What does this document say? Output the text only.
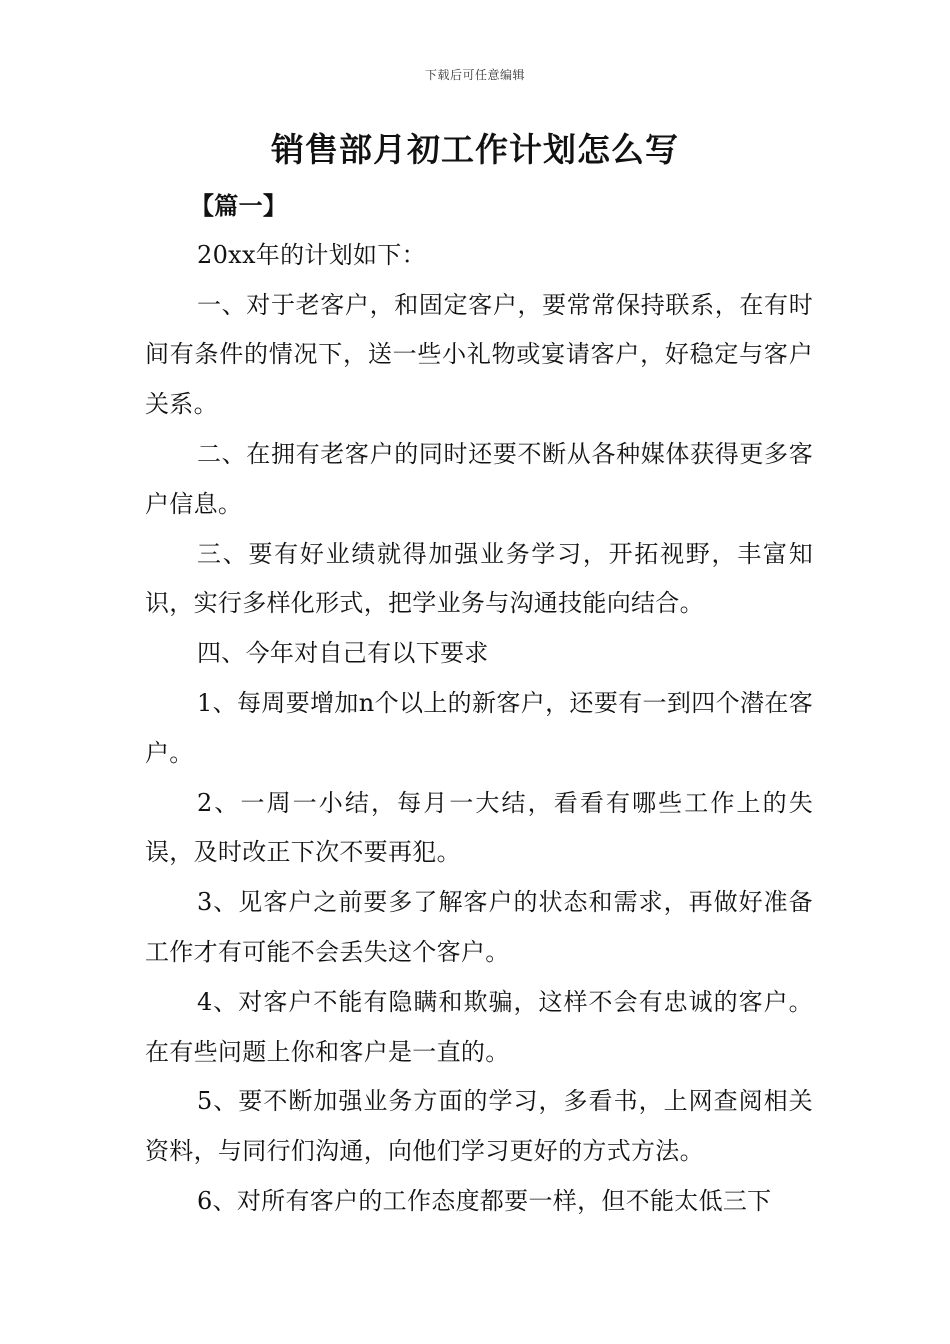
下载后可任意编辑
销售部月初工作计划怎么写

【篇一】

20xx年的计划如下：

一、对于老客户，和固定客户，要常常保持联系，在有时间有条件的情况下，送一些小礼物或宴请客户，好稳定与客户关系。

二、在拥有老客户的同时还要不断从各种媒体获得更多客户信息。

三、要有好业绩就得加强业务学习，开拓视野，丰富知识，实行多样化形式，把学业务与沟通技能向结合。

四、今年对自己有以下要求

1、每周要增加n个以上的新客户，还要有一到四个潜在客户。

2、一周一小结，每月一大结，看看有哪些工作上的失误，及时改正下次不要再犯。

3、见客户之前要多了解客户的状态和需求，再做好准备工作才有可能不会丢失这个客户。

4、对客户不能有隐瞒和欺骗，这样不会有忠诚的客户。在有些问题上你和客户是一直的。

5、要不断加强业务方面的学习，多看书，上网查阅相关资料，与同行们沟通，向他们学习更好的方式方法。

6、对所有客户的工作态度都要一样，但不能太低三下
